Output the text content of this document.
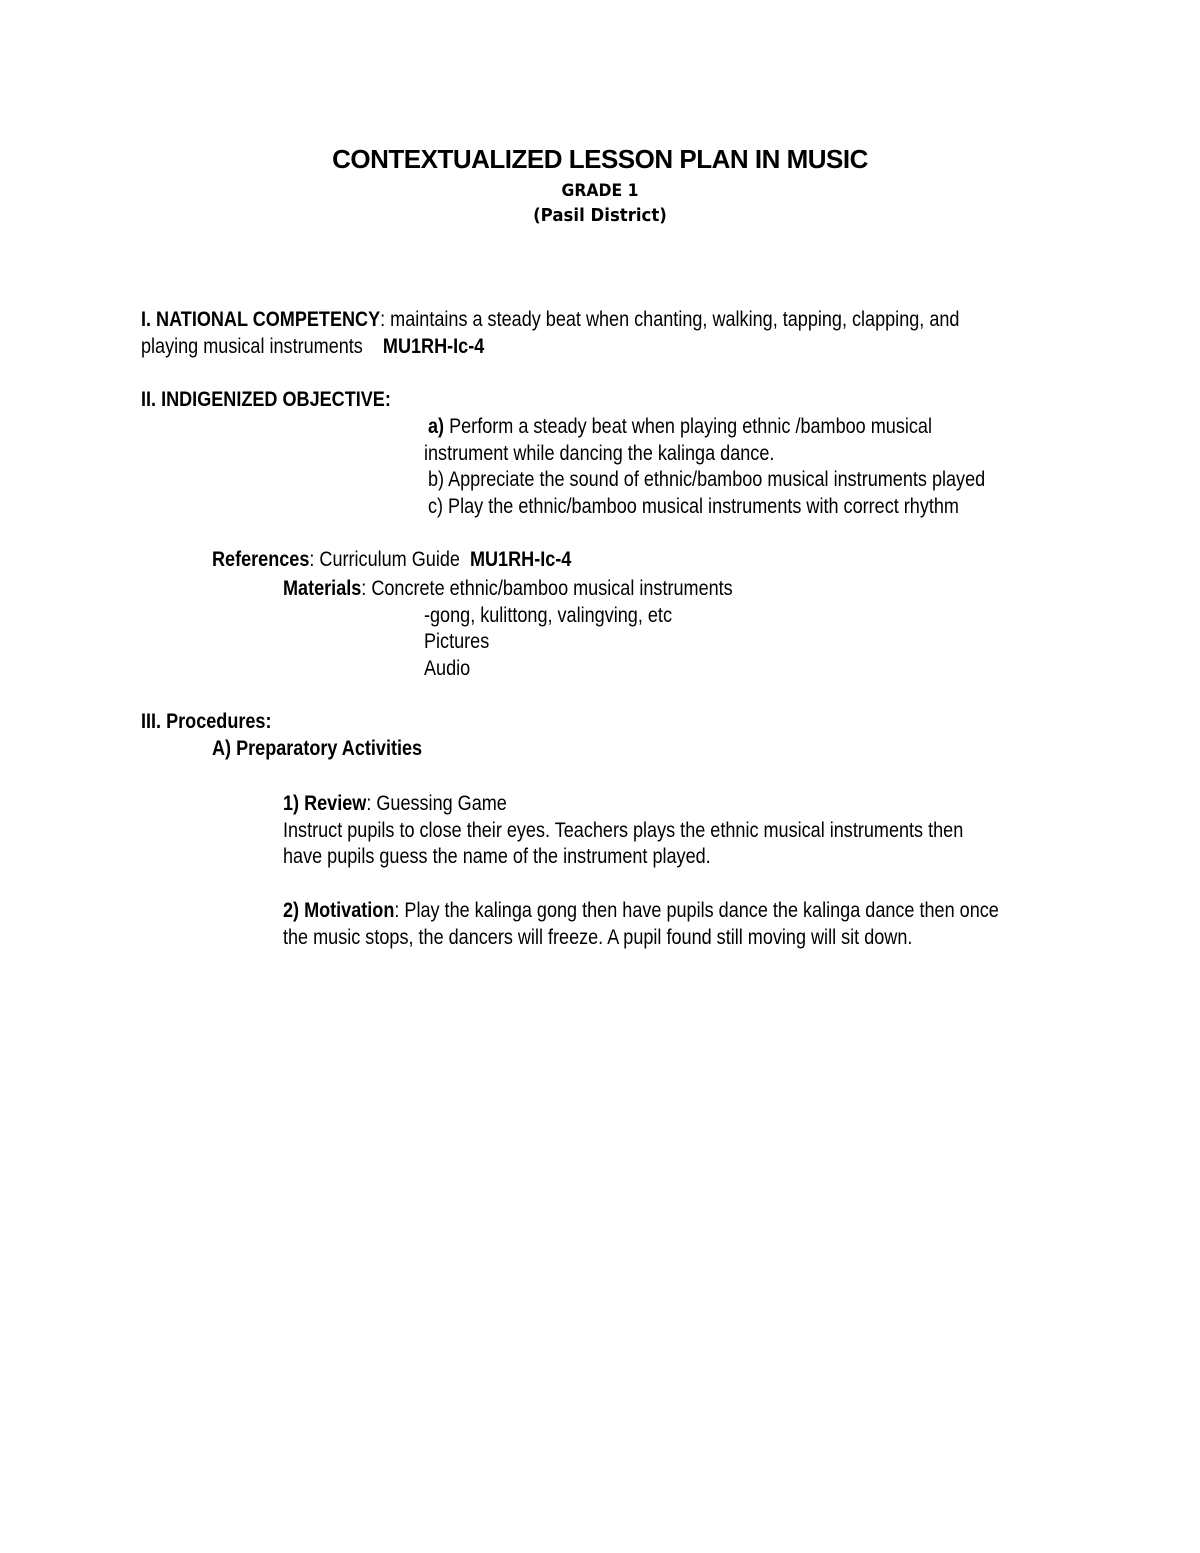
CONTEXTUALIZED LESSON PLAN IN MUSIC
GRADE 1
(Pasil District)
I. NATIONAL COMPETENCY: maintains a steady beat when chanting, walking, tapping, clapping, and
playing musical instruments MU1RH-Ic-4
II. INDIGENIZED OBJECTIVE:
a) Perform a steady beat when playing ethnic /bamboo musical
instrument while dancing the kalinga dance.
b) Appreciate the sound of ethnic/bamboo musical instruments played
c) Play the ethnic/bamboo musical instruments with correct rhythm
References: Curriculum Guide MU1RH-Ic-4
Materials: Concrete ethnic/bamboo musical instruments
-gong, kulittong, valingving, etc
Pictures
Audio
III. Procedures:
A) Preparatory Activities
1) Review: Guessing Game
Instruct pupils to close their eyes. Teachers plays the ethnic musical instruments then
have pupils guess the name of the instrument played.
2) Motivation: Play the kalinga gong then have pupils dance the kalinga dance then once
the music stops, the dancers will freeze. A pupil found still moving will sit down.
